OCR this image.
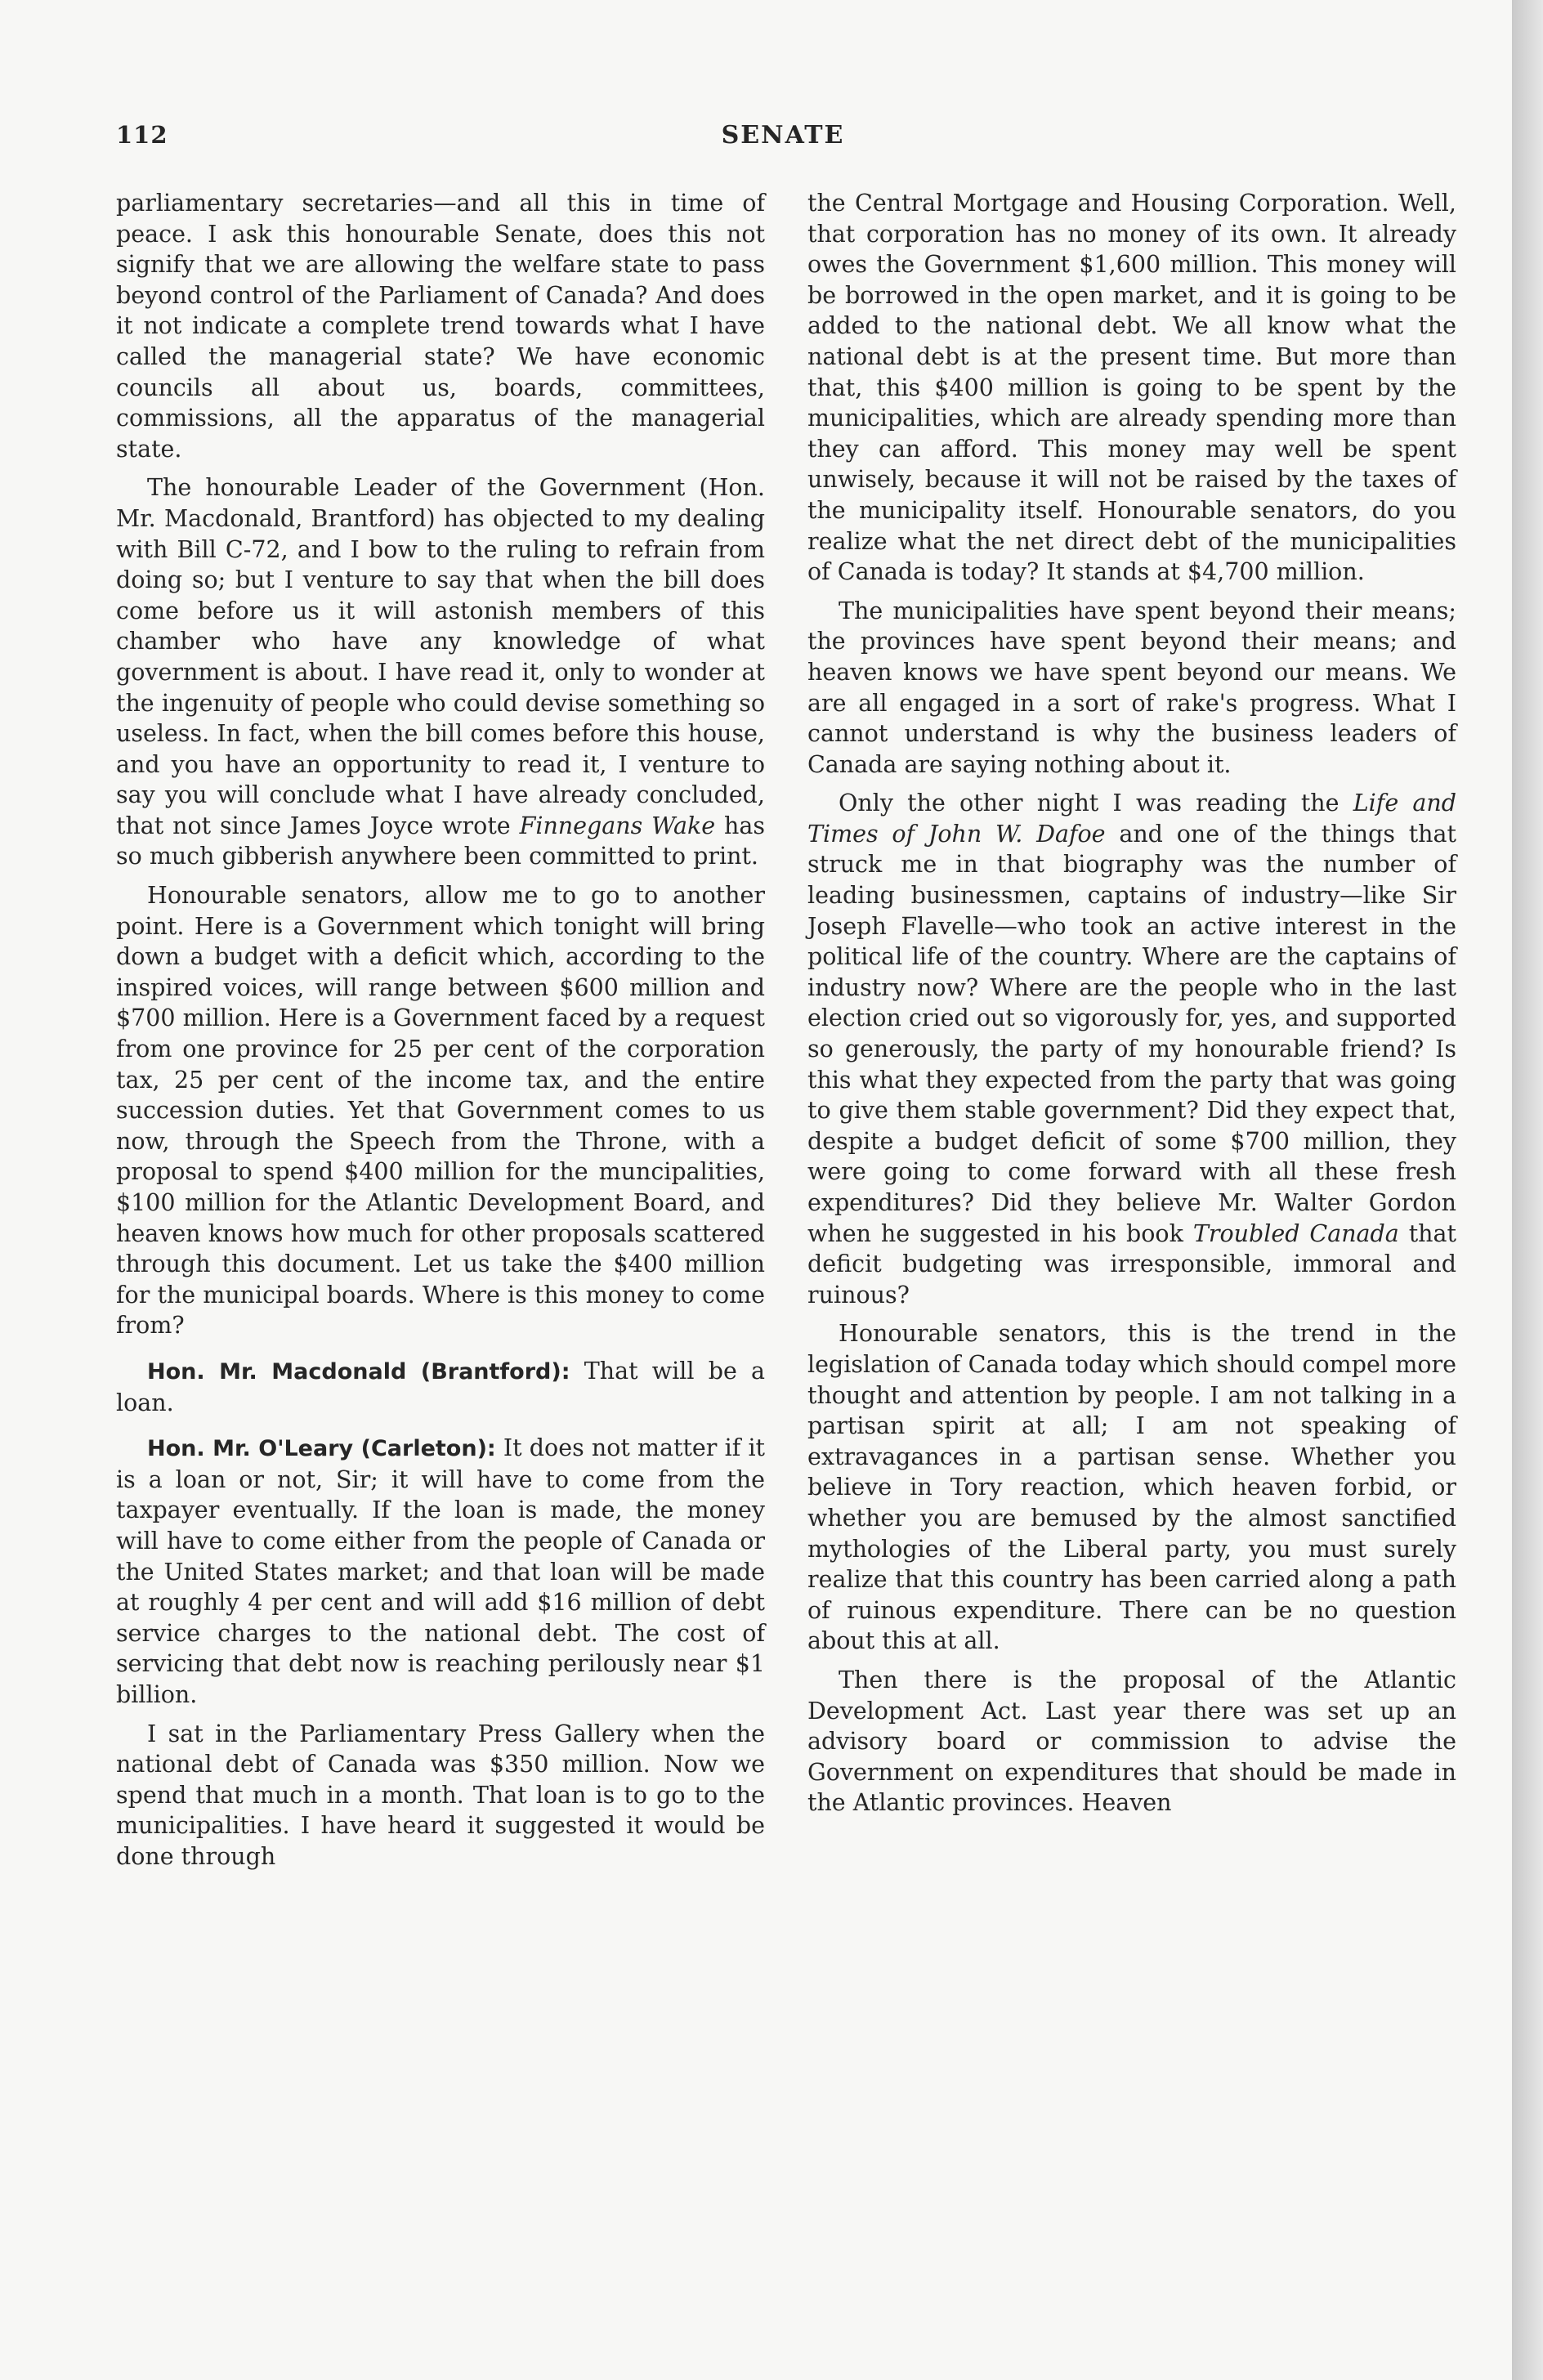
112	SENATE

parliamentary secretaries—and all this in time of peace. I ask this honourable Senate, does this not signify that we are allowing the welfare state to pass beyond control of the Parliament of Canada? And does it not indicate a complete trend towards what I have called the managerial state? We have economic councils all about us, boards, committees, commissions, all the apparatus of the managerial state.

The honourable Leader of the Government (Hon. Mr. Macdonald, Brantford) has objected to my dealing with Bill C-72, and I bow to the ruling to refrain from doing so; but I venture to say that when the bill does come before us it will astonish members of this chamber who have any knowledge of what government is about. I have read it, only to wonder at the ingenuity of people who could devise something so useless. In fact, when the bill comes before this house, and you have an opportunity to read it, I venture to say you will conclude what I have already concluded, that not since James Joyce wrote Finnegans Wake has so much gibberish anywhere been committed to print.

Honourable senators, allow me to go to another point. Here is a Government which tonight will bring down a budget with a deficit which, according to the inspired voices, will range between $600 million and $700 million. Here is a Government faced by a request from one province for 25 per cent of the corporation tax, 25 per cent of the income tax, and the entire succession duties. Yet that Government comes to us now, through the Speech from the Throne, with a proposal to spend $400 million for the muncipalities, $100 million for the Atlantic Development Board, and heaven knows how much for other proposals scattered through this document. Let us take the $400 million for the municipal boards. Where is this money to come from?

Hon. Mr. Macdonald (Brantford): That will be a loan.

Hon. Mr. O'Leary (Carleton): It does not matter if it is a loan or not, Sir; it will have to come from the taxpayer eventually. If the loan is made, the money will have to come either from the people of Canada or the United States market; and that loan will be made at roughly 4 per cent and will add $16 million of debt service charges to the national debt. The cost of servicing that debt now is reaching perilously near $1 billion.

I sat in the Parliamentary Press Gallery when the national debt of Canada was $350 million. Now we spend that much in a month. That loan is to go to the municipalities. I have heard it suggested it would be done through

the Central Mortgage and Housing Corporation. Well, that corporation has no money of its own. It already owes the Government $1,600 million. This money will be borrowed in the open market, and it is going to be added to the national debt. We all know what the national debt is at the present time. But more than that, this $400 million is going to be spent by the municipalities, which are already spending more than they can afford. This money may well be spent unwisely, because it will not be raised by the taxes of the municipality itself. Honourable senators, do you realize what the net direct debt of the municipalities of Canada is today? It stands at $4,700 million.

The municipalities have spent beyond their means; the provinces have spent beyond their means; and heaven knows we have spent beyond our means. We are all engaged in a sort of rake's progress. What I cannot understand is why the business leaders of Canada are saying nothing about it.

Only the other night I was reading the Life and Times of John W. Dafoe and one of the things that struck me in that biography was the number of leading businessmen, captains of industry—like Sir Joseph Flavelle—who took an active interest in the political life of the country. Where are the captains of industry now? Where are the people who in the last election cried out so vigorously for, yes, and supported so generously, the party of my honourable friend? Is this what they expected from the party that was going to give them stable government? Did they expect that, despite a budget deficit of some $700 million, they were going to come forward with all these fresh expenditures? Did they believe Mr. Walter Gordon when he suggested in his book Troubled Canada that deficit budgeting was irresponsible, immoral and ruinous?

Honourable senators, this is the trend in the legislation of Canada today which should compel more thought and attention by people. I am not talking in a partisan spirit at all; I am not speaking of extravagances in a partisan sense. Whether you believe in Tory reaction, which heaven forbid, or whether you are bemused by the almost sanctified mythologies of the Liberal party, you must surely realize that this country has been carried along a path of ruinous expenditure. There can be no question about this at all.

Then there is the proposal of the Atlantic Development Act. Last year there was set up an advisory board or commission to advise the Government on expenditures that should be made in the Atlantic provinces. Heaven
